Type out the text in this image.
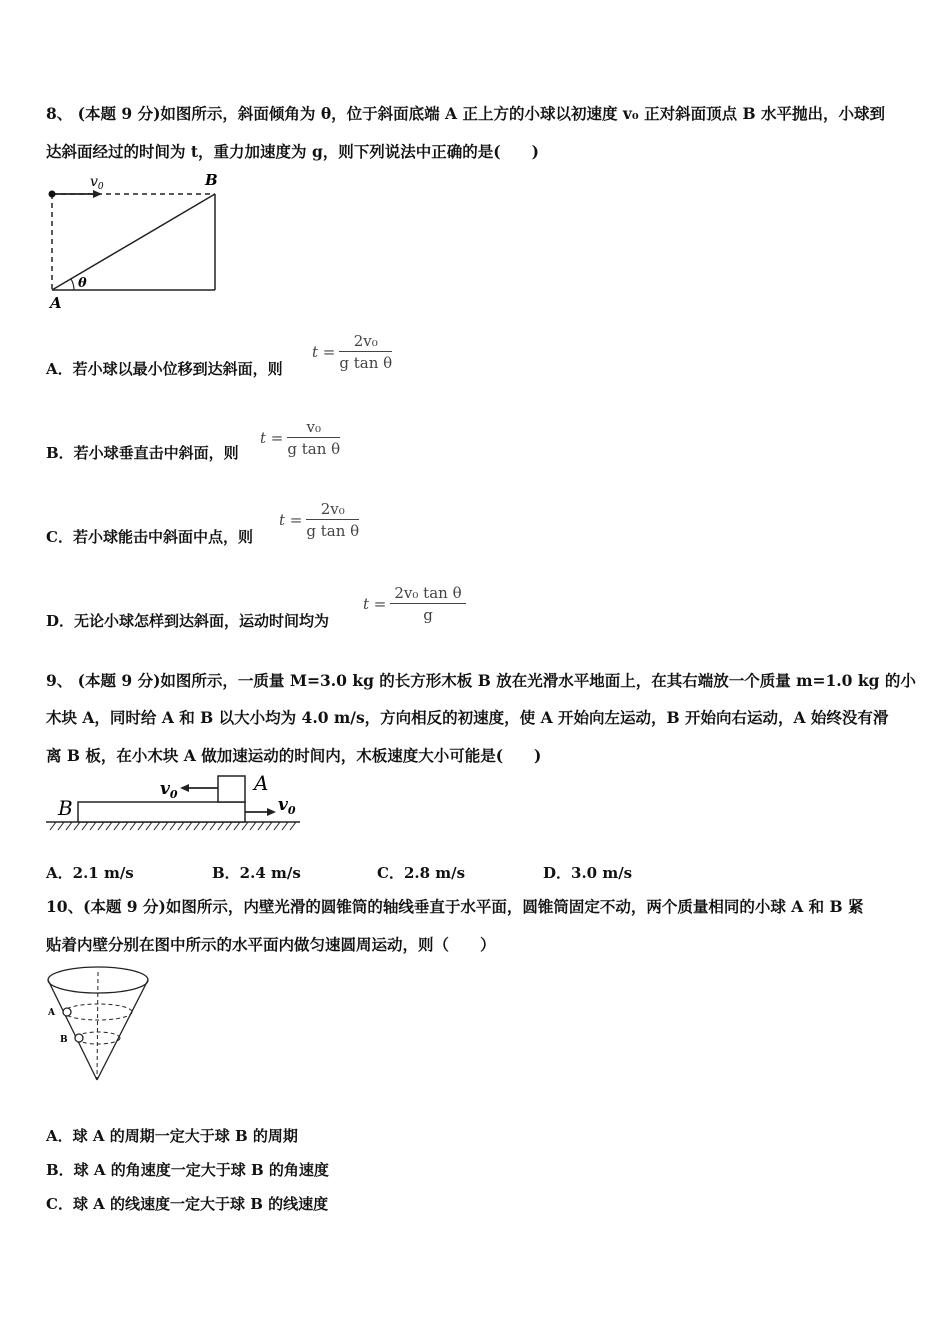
8、 (本题 9 分)如图所示，斜面倾角为 θ，位于斜面底端 A 正上方的小球以初速度 v₀ 正对斜面顶点 B 水平抛出，小球到
达斜面经过的时间为 t，重力加速度为 g，则下列说法中正确的是(　　)
$v_0$	B
A
θ
A．若小球以最小位移到达斜面，则
$t = \frac{\text{2v₀}}{\text{g tan θ}}$
B．若小球垂直击中斜面，则
$t = \frac{\text{v₀}}{\text{g tan θ}}$
C．若小球能击中斜面中点，则
$t = \frac{\text{2v₀}}{\text{g tan θ}}$
D．无论小球怎样到达斜面，运动时间均为
$t = \frac{\text{2v₀ tan θ}}{g}$
9、 (本题 9 分)如图所示，一质量 M=3.0 kg 的长方形木板 B 放在光滑水平地面上，在其右端放一个质量 m=1.0 kg 的小
木块 A，同时给 A 和 B 以大小均为 4.0 m/s，方向相反的初速度，使 A 开始向左运动，B 开始向右运动，A 始终没有滑
离 B 板，在小木块 A 做加速运动的时间内，木板速度大小可能是(　　)
B
A
$v_0$
$v_0$
A．2.1 m/s	B．2.4 m/s	C．2.8 m/s	D．3.0 m/s
10、(本题 9 分)如图所示，内壁光滑的圆锥筒的轴线垂直于水平面，圆锥筒固定不动，两个质量相同的小球 A 和 B 紧
贴着内壁分别在图中所示的水平面内做匀速圆周运动，则（　　）
A
B
A．球 A 的周期一定大于球 B 的周期
B．球 A 的角速度一定大于球 B 的角速度
C．球 A 的线速度一定大于球 B 的线速度
